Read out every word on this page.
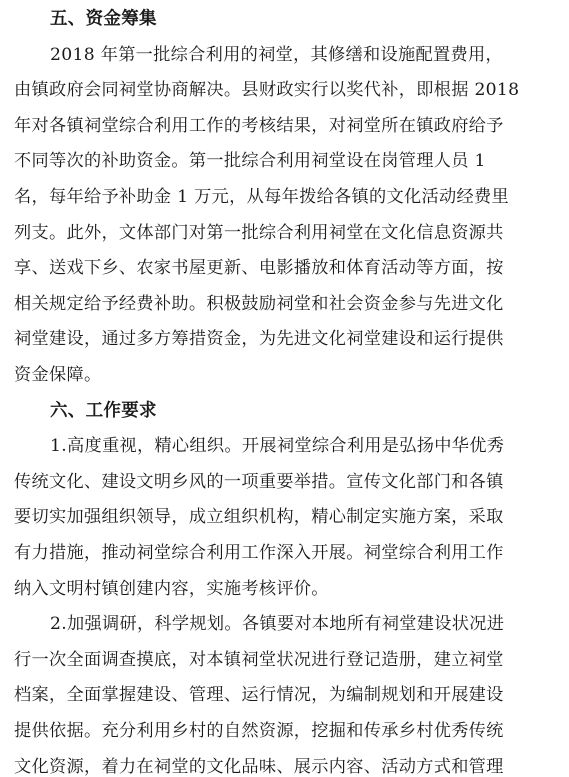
五、资金筹集
2018 年第一批综合利用的祠堂，其修缮和设施配置费用，
由镇政府会同祠堂协商解决。县财政实行以奖代补，即根据 2018
年对各镇祠堂综合利用工作的考核结果，对祠堂所在镇政府给予
不同等次的补助资金。第一批综合利用祠堂设在岗管理人员 1
名，每年给予补助金 1 万元，从每年拨给各镇的文化活动经费里
列支。此外，文体部门对第一批综合利用祠堂在文化信息资源共
享、送戏下乡、农家书屋更新、电影播放和体育活动等方面，按
相关规定给予经费补助。积极鼓励祠堂和社会资金参与先进文化
祠堂建设，通过多方筹措资金，为先进文化祠堂建设和运行提供
资金保障。
六、工作要求
1.高度重视，精心组织。开展祠堂综合利用是弘扬中华优秀
传统文化、建设文明乡风的一项重要举措。宣传文化部门和各镇
要切实加强组织领导，成立组织机构，精心制定实施方案，采取
有力措施，推动祠堂综合利用工作深入开展。祠堂综合利用工作
纳入文明村镇创建内容，实施考核评价。
2.加强调研，科学规划。各镇要对本地所有祠堂建设状况进
行一次全面调查摸底，对本镇祠堂状况进行登记造册，建立祠堂
档案，全面掌握建设、管理、运行情况，为编制规划和开展建设
提供依据。充分利用乡村的自然资源，挖掘和传承乡村优秀传统
文化资源，着力在祠堂的文化品味、展示内容、活动方式和管理
